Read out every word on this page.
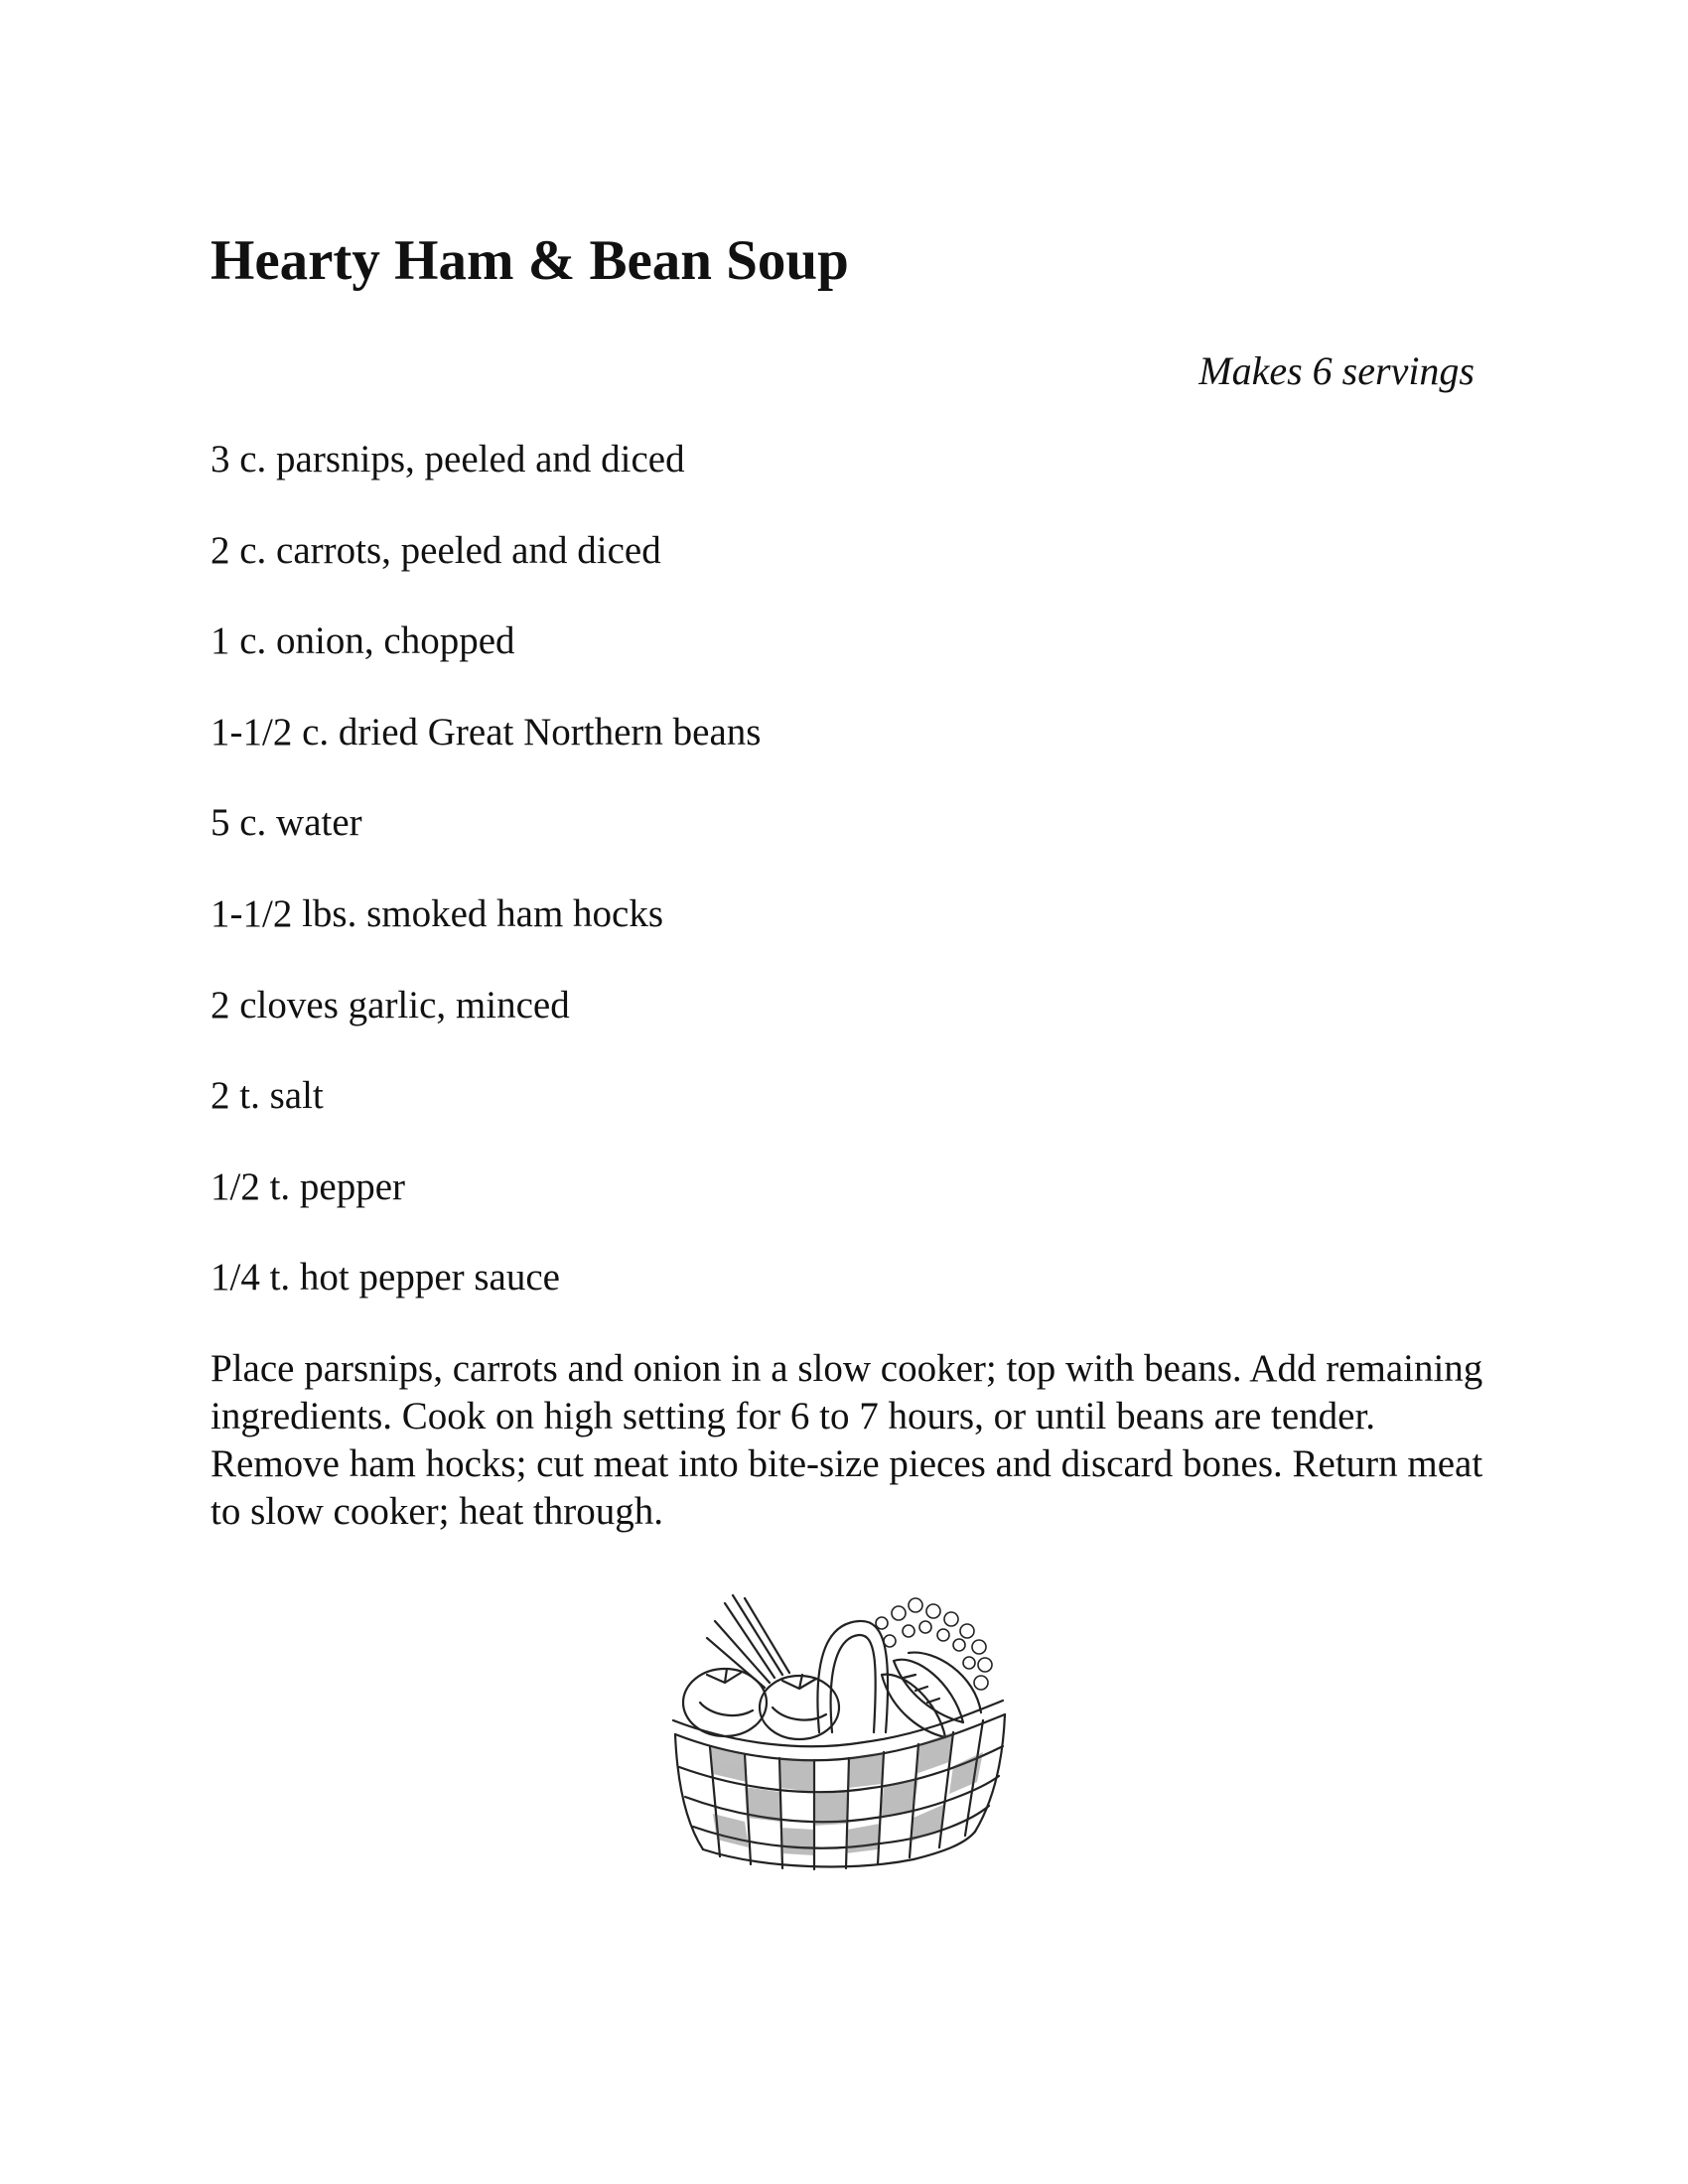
Hearty Ham & Bean Soup
Makes 6 servings
3 c. parsnips, peeled and diced
2 c. carrots, peeled and diced
1 c. onion, chopped
1-1/2 c. dried Great Northern beans
5 c. water
1-1/2 lbs. smoked ham hocks
2 cloves garlic, minced
2 t. salt
1/2 t. pepper
1/4 t. hot pepper sauce

Place parsnips, carrots and onion in a slow cooker; top with beans. Add remaining ingredients. Cook on high setting for 6 to 7 hours, or until beans are tender. Remove ham hocks; cut meat into bite-size pieces and discard bones. Return meat to slow cooker; heat through.
